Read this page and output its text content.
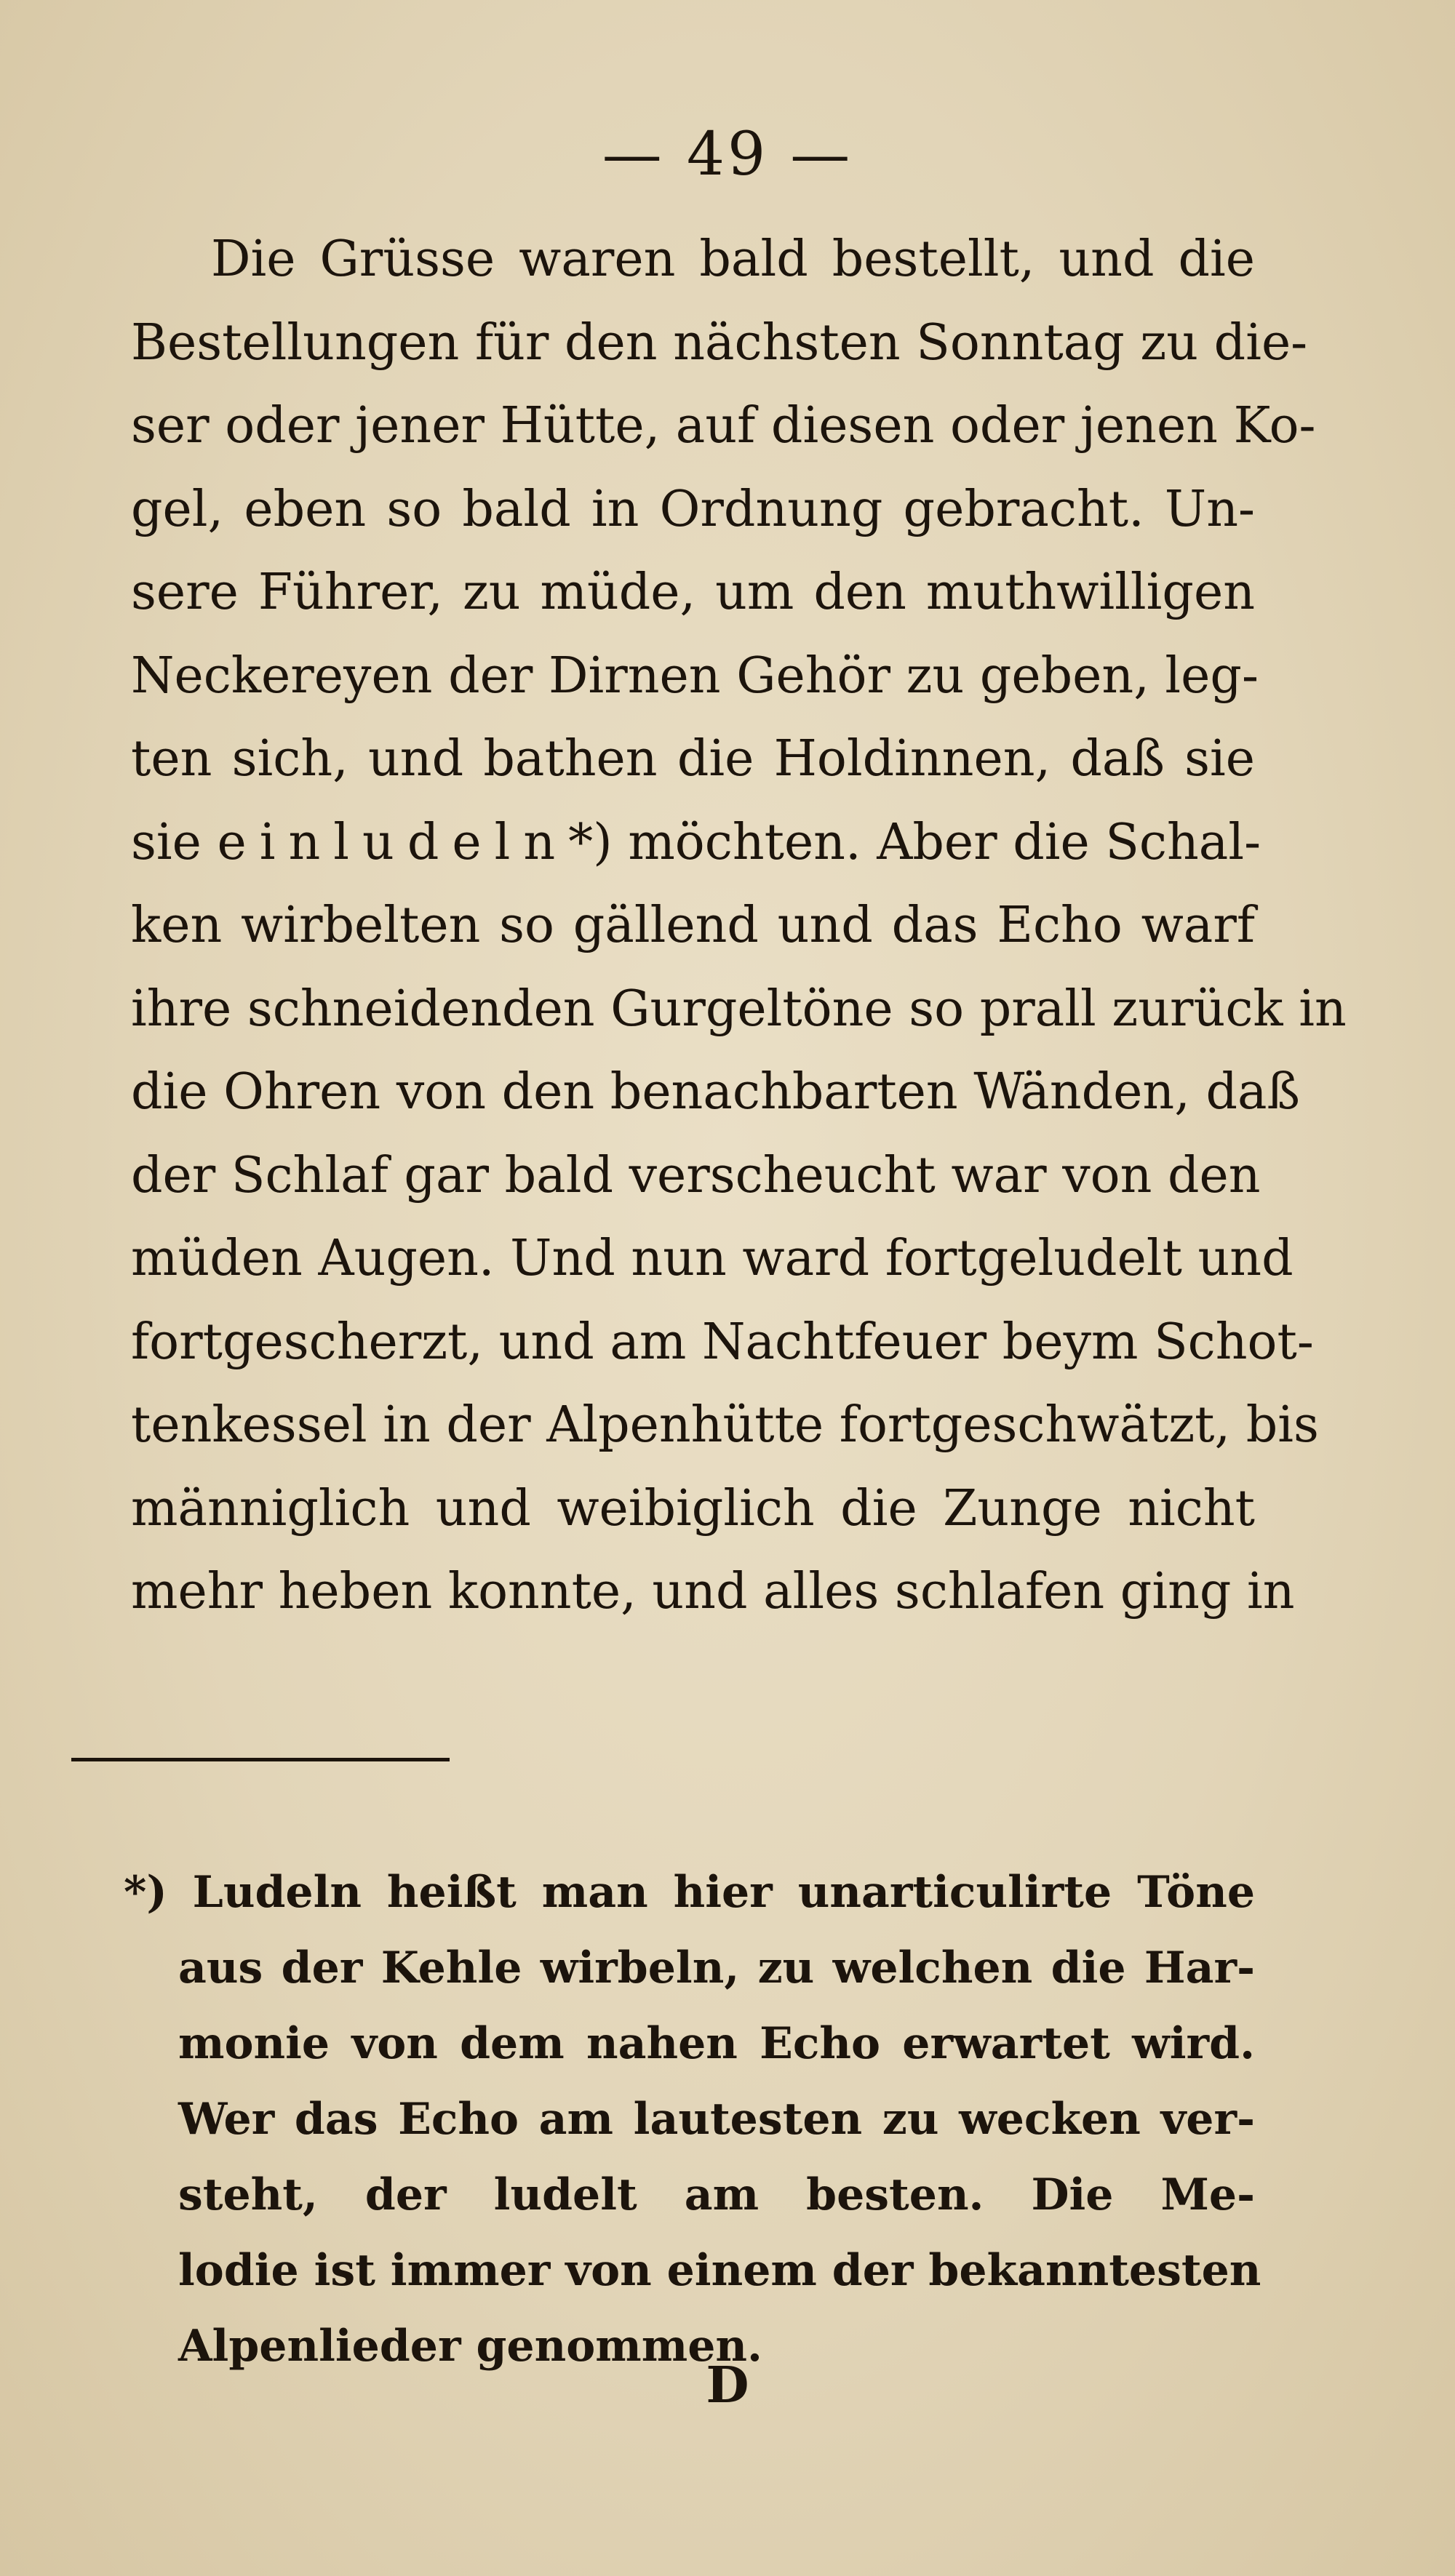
— 49 —
Die Grüsse waren bald bestellt, und die
Bestellungen für den nächsten Sonntag zu die-
ser oder jener Hütte, auf diesen oder jenen Ko-
gel, eben so bald in Ordnung gebracht. Un-
sere Führer, zu müde, um den muthwilligen
Neckereyen der Dirnen Gehör zu geben, leg-
ten sich, und bathen die Holdinnen, daß sie
sie einludeln*) möchten. Aber die Schal-
ken wirbelten so gällend und das Echo warf
ihre schneidenden Gurgeltöne so prall zurück in
die Ohren von den benachbarten Wänden, daß
der Schlaf gar bald verscheucht war von den
müden Augen. Und nun ward fortgeludelt und
fortgescherzt, und am Nachtfeuer beym Schot-
tenkessel in der Alpenhütte fortgeschwätzt, bis
männiglich und weibiglich die Zunge nicht
mehr heben konnte, und alles schlafen ging in
*) Ludeln heißt man hier unarticulirte Töne
aus der Kehle wirbeln, zu welchen die Har-
monie von dem nahen Echo erwartet wird.
Wer das Echo am lautesten zu wecken ver-
steht, der ludelt am besten. Die Me-
lodie ist immer von einem der bekanntesten
Alpenlieder genommen.
D
